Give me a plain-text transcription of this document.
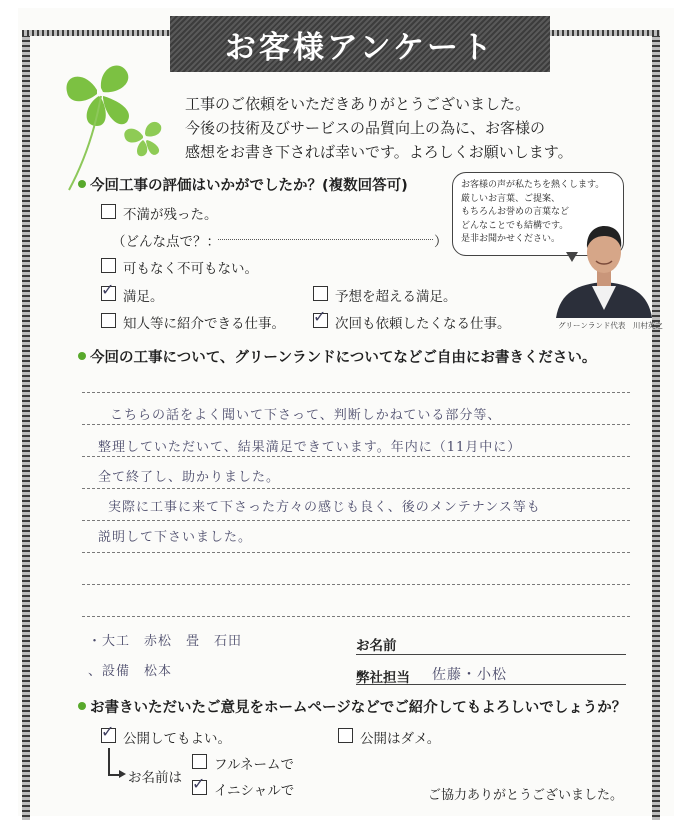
お客様アンケート
工事のご依頼をいただきありがとうございました。
今後の技術及びサービスの品質向上の為に、お客様の
感想をお書き下されば幸いです。よろしくお願いします。
今回工事の評価はいかがでしたか？(複数回答可)
不満が残った。
（どんな点で？：	）
可もなく不可もない。
✓ 満足。	予想を超える満足。
知人等に紹介できる仕事。 ✓ 次回も依頼したくなる仕事。
お客様の声が私たちを熱くします。
厳しいお言葉、ご提案、
もちろんお誉めの言葉など
どんなことでも結構です。
是非お聞かせください。
グリーンランド代表　川村英之
今回の工事について、グリーンランドについてなどご自由にお書きください。
こちらの話をよく聞いて下さって、判断しかねている部分等、
整理していただいて、結果満足できています。年内に（11月中に）
全て終了し、助かりました。
実際に工事に来て下さった方々の感じも良く、後のメンテナンス等も
説明して下さいました。
・大工　赤松　畳　石田
、設備　松本
お名前
弊社担当 佐藤・小松
お書きいただいたご意見をホームページなどでご紹介してもよろしいでしょうか？
✓ 公開してもよい。	公開はダメ。
お名前は
フルネームで
✓ イニシャルで	ご協力ありがとうございました。
